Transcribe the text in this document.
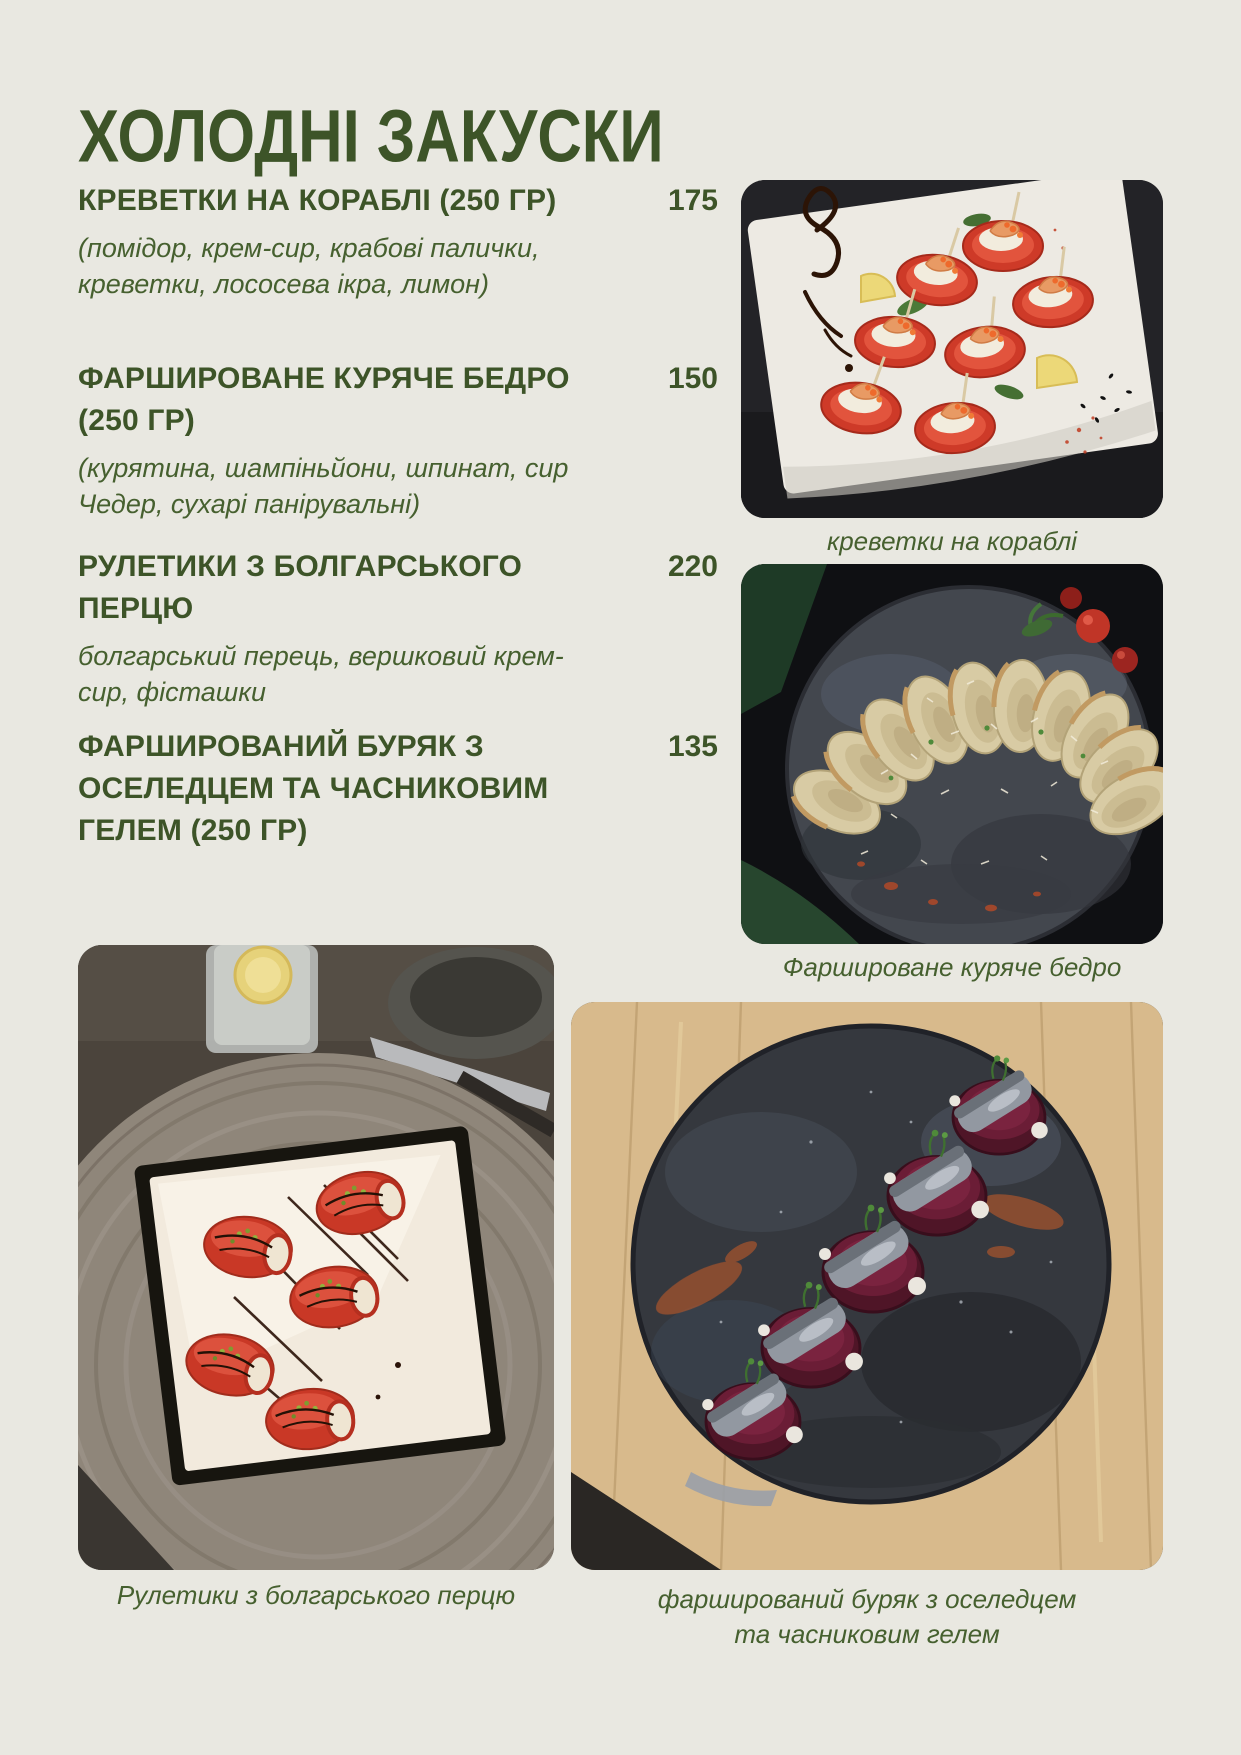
ХОЛОДНІ ЗАКУСКИ
КРЕВЕТКИ НА КОРАБЛІ (250 ГР)	175
(помідор, крем-сир, крабові палички, креветки, лососева ікра, лимон)
ФАРШИРОВАНЕ КУРЯЧЕ БЕДРО (250 ГР)
150
(курятина, шампіньйони, шпинат, сир Чедер, сухарі панірувальні)
РУЛЕТИКИ З БОЛГАРСЬКОГО ПЕРЦЮ
220
болгарський перець, вершковий крем-сир, фісташки
ФАРШИРОВАНИЙ БУРЯК З ОСЕЛЕДЦЕМ ТА ЧАСНИКОВИМ ГЕЛЕМ (250 ГР)
135
креветки на кораблі
Фаршироване куряче бедро
Рулетики з болгарського перцю	фарширований буряк з оселедцем та часниковим гелем
